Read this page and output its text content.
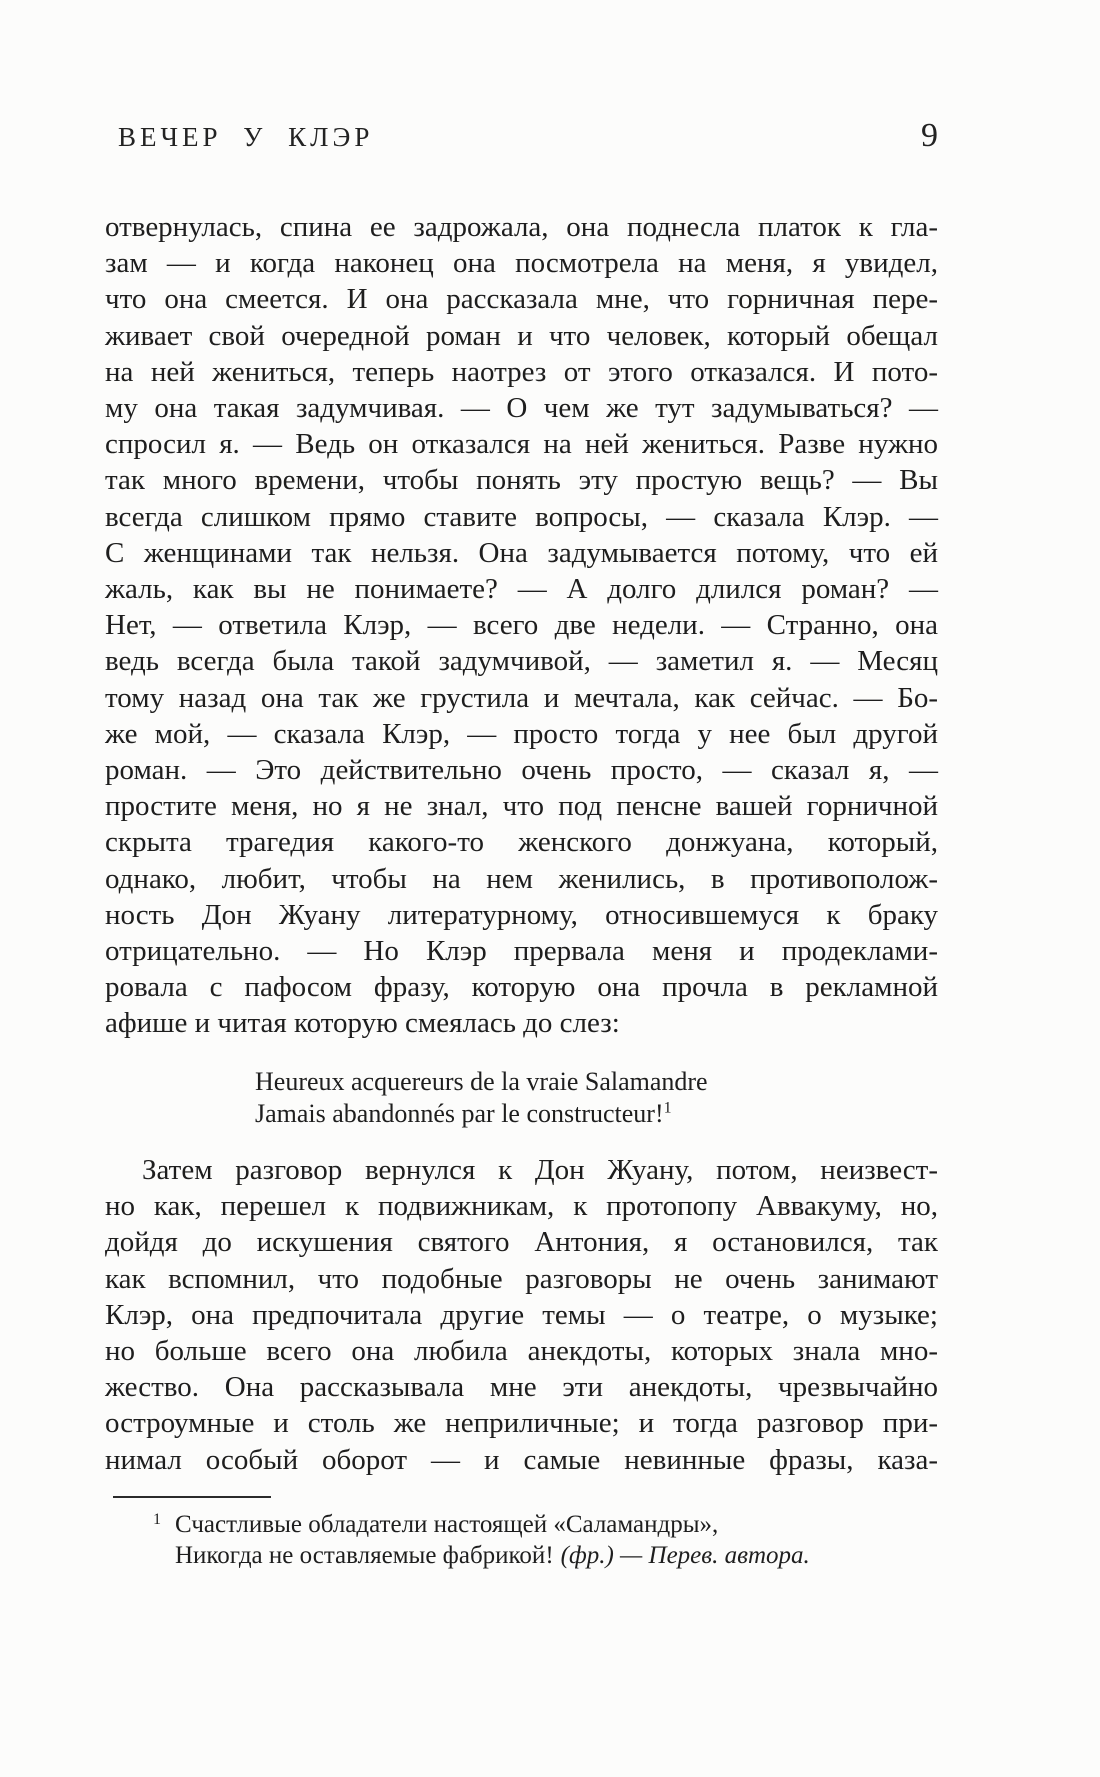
ВЕЧЕР У КЛЭР	9
отвернулась, спина ее задрожала, она поднесла платок к гла-
зам — и когда наконец она посмотрела на меня, я увидел,
что она смеется. И она рассказала мне, что горничная пере-
живает свой очередной роман и что человек, который обещал
на ней жениться, теперь наотрез от этого отказался. И пото-
му она такая задумчивая. — О чем же тут задумываться? —
спросил я. — Ведь он отказался на ней жениться. Разве нужно
так много времени, чтобы понять эту простую вещь? — Вы
всегда слишком прямо ставите вопросы, — сказала Клэр. —
С женщинами так нельзя. Она задумывается потому, что ей
жаль, как вы не понимаете? — А долго длился роман? —
Нет, — ответила Клэр, — всего две недели. — Странно, она
ведь всегда была такой задумчивой, — заметил я. — Месяц
тому назад она так же грустила и мечтала, как сейчас. — Бо-
же мой, — сказала Клэр, — просто тогда у нее был другой
роман. — Это действительно очень просто, — сказал я, —
простите меня, но я не знал, что под пенсне вашей горничной
скрыта трагедия какого-то женского донжуана, который,
однако, любит, чтобы на нем женились, в противополож-
ность Дон Жуану литературному, относившемуся к браку
отрицательно. — Но Клэр прервала меня и продеклами-
ровала с пафосом фразу, которую она прочла в рекламной
афише и читая которую смеялась до слез:
Heureux acquereurs de la vraie Salamandre
Jamais abandonnés par le constructeur!$^1$
Затем разговор вернулся к Дон Жуану, потом, неизвест-
но как, перешел к подвижникам, к протопопу Аввакуму, но,
дойдя до искушения святого Антония, я остановился, так
как вспомнил, что подобные разговоры не очень занимают
Клэр, она предпочитала другие темы — о театре, о музыке;
но больше всего она любила анекдоты, которых знала мно-
жество. Она рассказывала мне эти анекдоты, чрезвычайно
остроумные и столь же неприличные; и тогда разговор при-
нимал особый оборот — и самые невинные фразы, каза-
1 Счастливые обладатели настоящей «Саламандры»,
Никогда не оставляемые фабрикой! (фр.) — Перев. автора.
